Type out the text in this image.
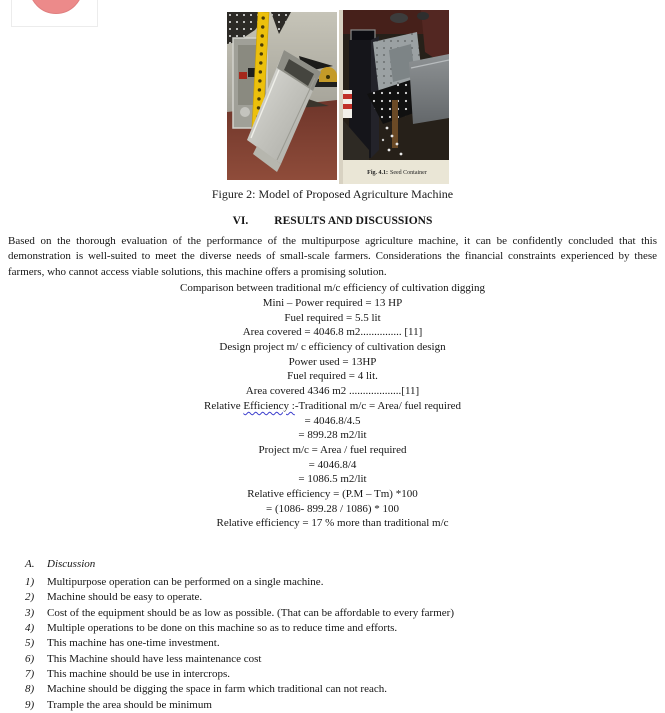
Fig. 4.1: Seed Container
Figure 2: Model of Proposed Agriculture Machine
VI. RESULTS AND DISCUSSIONS

Based on the thorough evaluation of the performance of the multipurpose agriculture machine, it can be confidently concluded that this demonstration is well-suited to meet the diverse needs of small-scale farmers. Considerations the financial constraints experienced by these farmers, who cannot access viable solutions, this machine offers a promising solution.

Comparison between traditional m/c efficiency of cultivation digging
Mini – Power required = 13 HP
Fuel required = 5.5 lit
Area covered = 4046.8 m2............... [11]
Design project m/ c efficiency of cultivation design
Power used = 13HP
Fuel required = 4 lit.
Area covered 4346 m2 ...................[11]
Relative Efficiency :-Traditional m/c = Area/ fuel required
= 4046.8/4.5
= 899.28 m2/lit
Project m/c = Area / fuel required
= 4046.8/4
= 1086.5 m2/lit
Relative efficiency = (P.M – Tm) *100
= (1086- 899.28 / 1086) * 100
Relative efficiency = 17 % more than traditional m/c
A.	Discussion
1)	Multipurpose operation can be performed on a single machine.
2)	Machine should be easy to operate.
3)	Cost of the equipment should be as low as possible. (That can be affordable to every farmer)
4)	Multiple operations to be done on this machine so as to reduce time and efforts.
5)	This machine has one-time investment.
6)	This Machine should have less maintenance cost
7)	This machine should be use in intercrops.
8)	Machine should be digging the space in farm which traditional can not reach.
9)	Trample the area should be minimum
